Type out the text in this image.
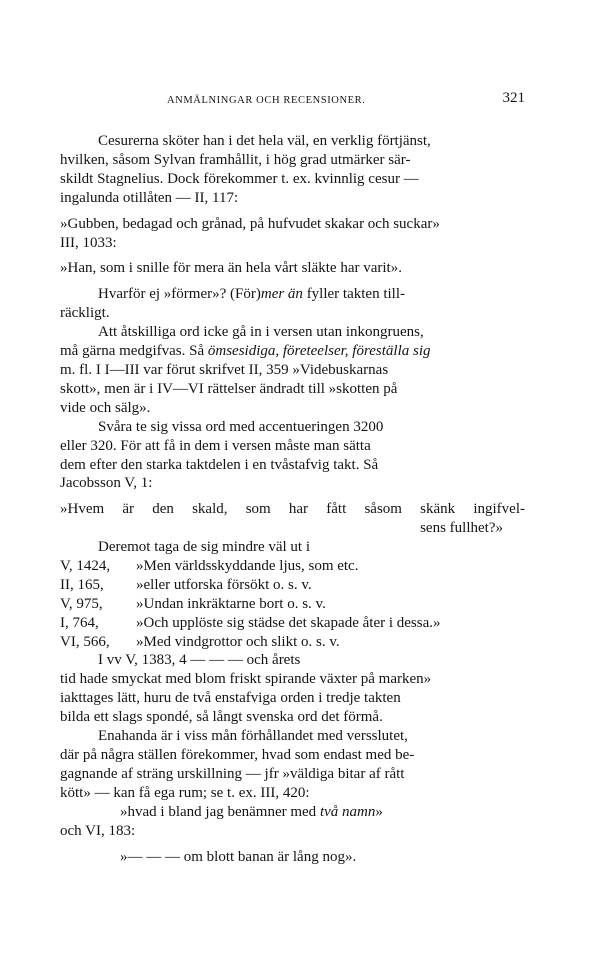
ANMÄLNINGAR OCH RECENSIONER.	321

Cesurerna sköter han i det hela väl, en verklig förtjänst,

hvilken, såsom Sylvan framhållit, i hög grad utmärker sär-

skildt Stagnelius. Dock förekommer t. ex. kvinnlig cesur —

ingalunda otillåten — II, 117:

»Gubben, bedagad och grånad, på hufvudet skakar och suckar»

III, 1033:

»Han, som i snille för mera än hela vårt släkte har varit».

Hvarför ej »förmer»? (För)mer än fyller takten till-

räckligt.

Att åtskilliga ord icke gå in i versen utan inkongruens,

må gärna medgifvas. Så ömsesidiga, företeelser, föreställa sig

m. fl. I I—III var förut skrifvet II, 359 »Videbuskarnas

skott», men är i IV—VI rättelser ändradt till »skotten på

vide och sälg».

Svåra te sig vissa ord med accentueringen 3200

eller 320. För att få in dem i versen måste man sätta

dem efter den starka taktdelen i en tvåstafvig takt. Så

Jacobsson V, 1:

»Hvem är den skald, som har fått såsom skänk ingifvel-

sens fullhet?»

Deremot taga de sig mindre väl ut i

V, 1424,	»Men världsskyddande ljus, som etc.
II, 165,	»eller utforska försökt o. s. v.
V, 975,	»Undan inkräktarne bort o. s. v.
I, 764,	»Och upplöste sig städse det skapade åter i dessa.»
VI, 566,	»Med vindgrottor och slikt o. s. v.

I vv V, 1383, 4 — — — och årets

tid hade smyckat med blom friskt spirande växter på marken»

iakttages lätt, huru de två enstafviga orden i tredje takten

bilda ett slags spondé, så långt svenska ord det förmå.

Enahanda är i viss mån förhållandet med versslutet,

där på några ställen förekommer, hvad som endast med be-

gagnande af sträng urskillning — jfr »väldiga bitar af rått

kött» — kan få ega rum; se t. ex. III, 420:

»hvad i bland jag benämner med två namn»

och VI, 183:

»— — — om blott banan är lång nog».
